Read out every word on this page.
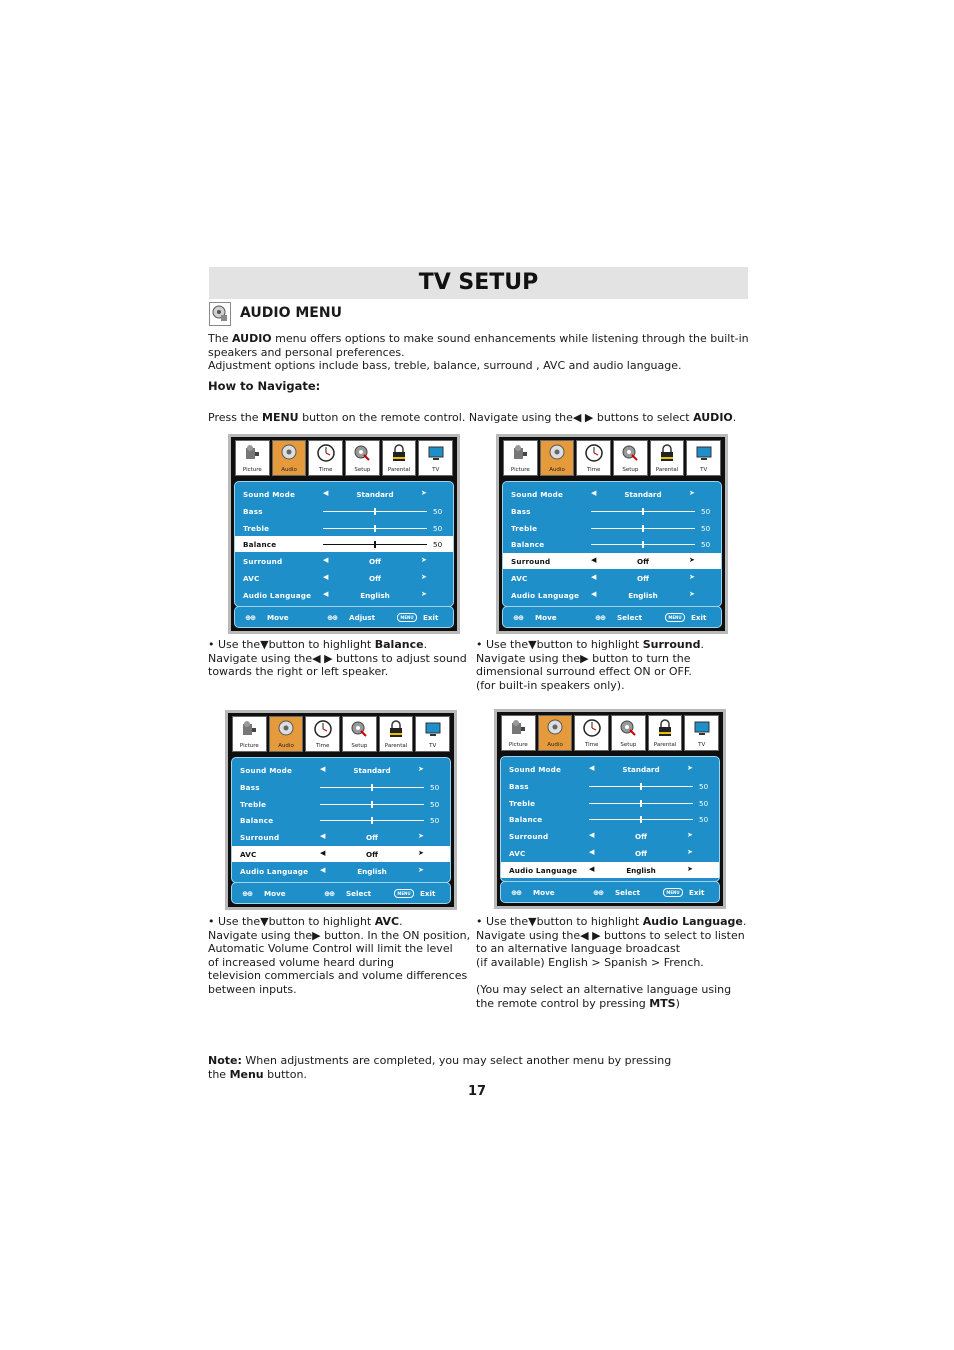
TV SETUP
AUDIO MENU
The AUDIO menu offers options to make sound enhancements while listening through the built-in
speakers and personal preferences.
Adjustment options include bass, treble, balance, surround , AVC and audio language.
How to Navigate:
Press the MENU button on the remote control. Navigate using the◀ ▶ buttons to select AUDIO.
Picture	Audio	Time	Setup	Parental	TV
Sound Mode	◀	Standard	➤
Bass	50
Treble	50
Balance	50
Surround	◀	Off	➤
AVC	◀	Off	➤
Audio Language ◀	English	➤
⊕⊕ Move	⊕⊕ Adjust	MENU	Exit
Picture	Audio	Time	Setup	Parental	TV
Sound Mode	◀	Standard	➤
Bass	50
Treble	50
Balance	50
Surround	◀	Off	➤
AVC	◀	Off	➤
Audio Language ◀	English	➤
⊕⊕ Move	⊕⊕ Select	MENU	Exit
Picture	Audio	Time	Setup	Parental	TV
Sound Mode	◀	Standard	➤
Bass	50
Treble	50
Balance	50
Surround	◀	Off	➤
AVC	◀	Off	➤
Audio Language ◀	English	➤
⊕⊕ Move	⊕⊕ Select	MENU	Exit
Picture	Audio	Time	Setup	Parental	TV
Sound Mode	◀	Standard	➤
Bass	50
Treble	50
Balance	50
Surround	◀	Off	➤
AVC	◀	Off	➤
Audio Language ◀	English	➤
⊕⊕ Move	⊕⊕ Select	MENU	Exit
• Use the▼button to highlight Balance.
Navigate using the◀ ▶ buttons to adjust sound
towards the right or left speaker.
• Use the▼button to highlight Surround.
Navigate using the▶ button to turn the
dimensional surround effect ON or OFF.
(for built-in speakers only).
• Use the▼button to highlight AVC.
Navigate using the▶ button. In the ON position,
Automatic Volume Control will limit the level
of increased volume heard during
television commercials and volume differences
between inputs.
• Use the▼button to highlight Audio Language.
Navigate using the◀ ▶ buttons to select to listen
to an alternative language broadcast
(if available) English > Spanish > French.

(You may select an alternative language using
the remote control by pressing MTS)
Note: When adjustments are completed, you may select another menu by pressing
the Menu button.
17
